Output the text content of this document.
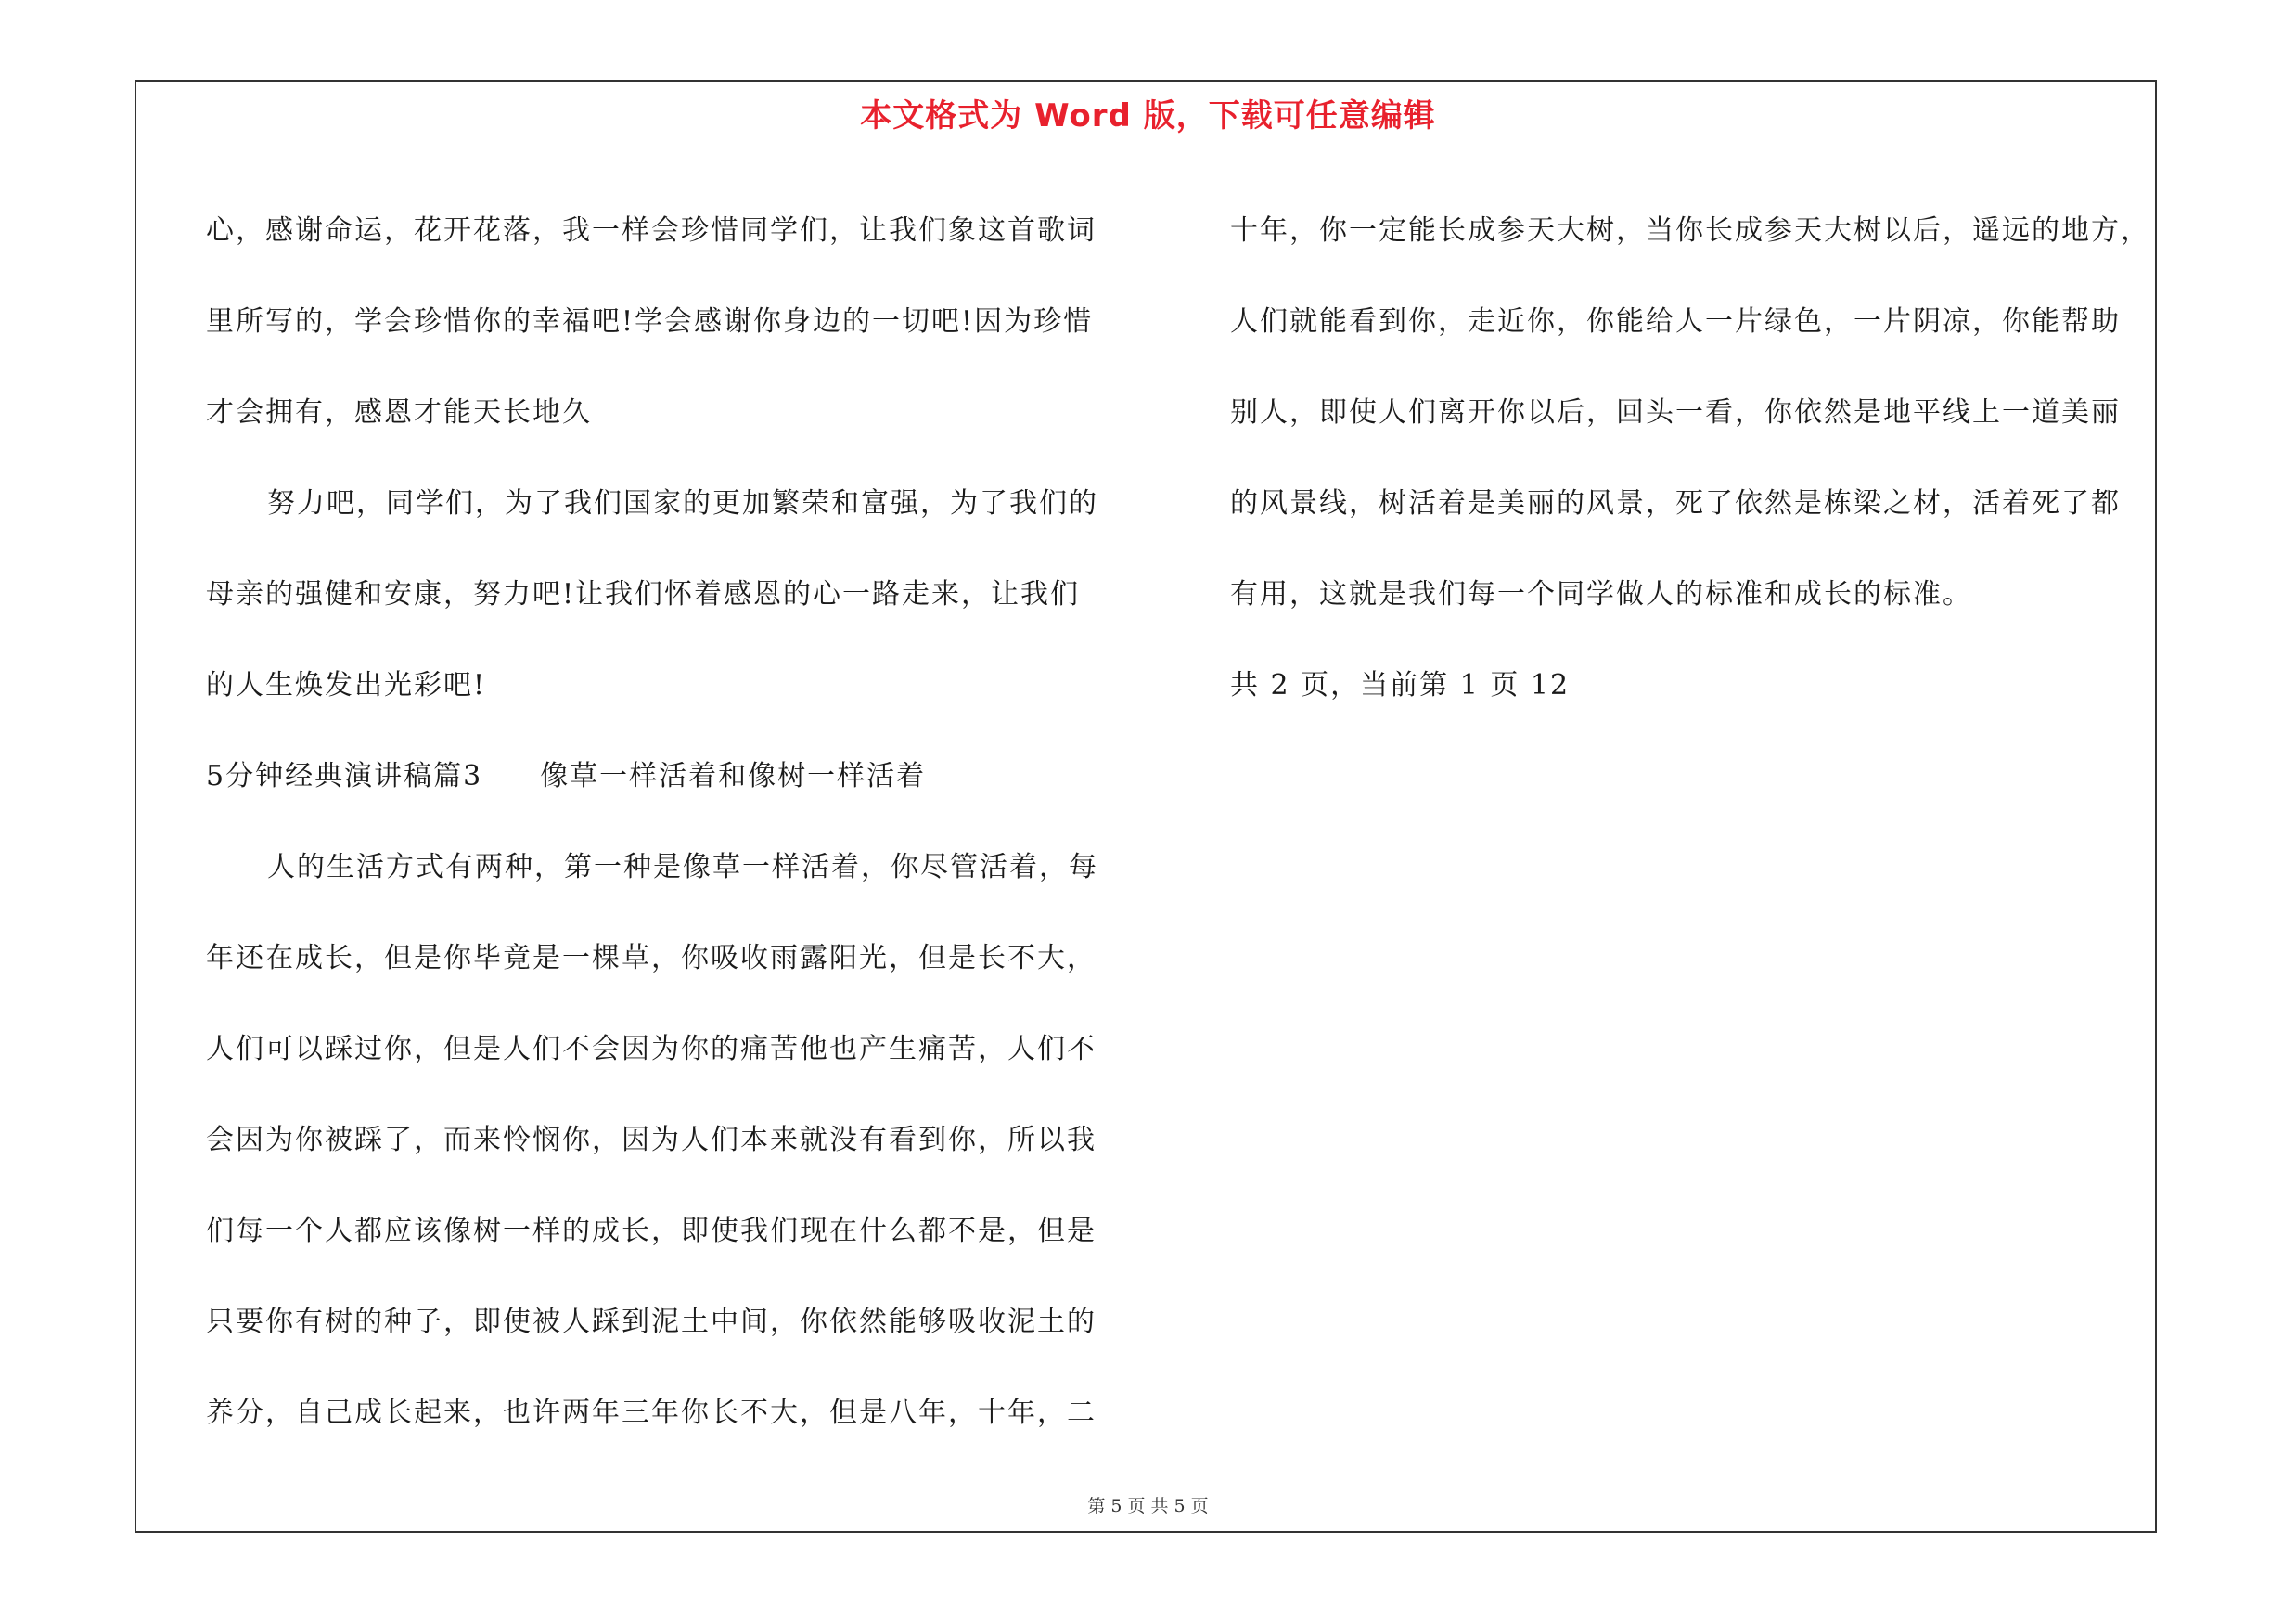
本文格式为 Word 版，下载可任意编辑
心，感谢命运，花开花落，我一样会珍惜同学们，让我们象这首歌词
里所写的，学会珍惜你的幸福吧!学会感谢你身边的一切吧!因为珍惜
才会拥有，感恩才能天长地久
努力吧，同学们，为了我们国家的更加繁荣和富强，为了我们的
母亲的强健和安康，努力吧!让我们怀着感恩的心一路走来，让我们
的人生焕发出光彩吧!
5分钟经典演讲稿篇3 像草一样活着和像树一样活着
人的生活方式有两种，第一种是像草一样活着，你尽管活着，每
年还在成长，但是你毕竟是一棵草，你吸收雨露阳光，但是长不大，
人们可以踩过你，但是人们不会因为你的痛苦他也产生痛苦，人们不
会因为你被踩了，而来怜悯你，因为人们本来就没有看到你，所以我
们每一个人都应该像树一样的成长，即使我们现在什么都不是，但是
只要你有树的种子，即使被人踩到泥土中间，你依然能够吸收泥土的
养分，自己成长起来，也许两年三年你长不大，但是八年，十年，二
十年，你一定能长成参天大树，当你长成参天大树以后，遥远的地方，
人们就能看到你，走近你，你能给人一片绿色，一片阴凉，你能帮助
别人，即使人们离开你以后，回头一看，你依然是地平线上一道美丽
的风景线，树活着是美丽的风景，死了依然是栋梁之材，活着死了都
有用，这就是我们每一个同学做人的标准和成长的标准。
共 2 页，当前第 1 页 12
第 5 页 共 5 页
